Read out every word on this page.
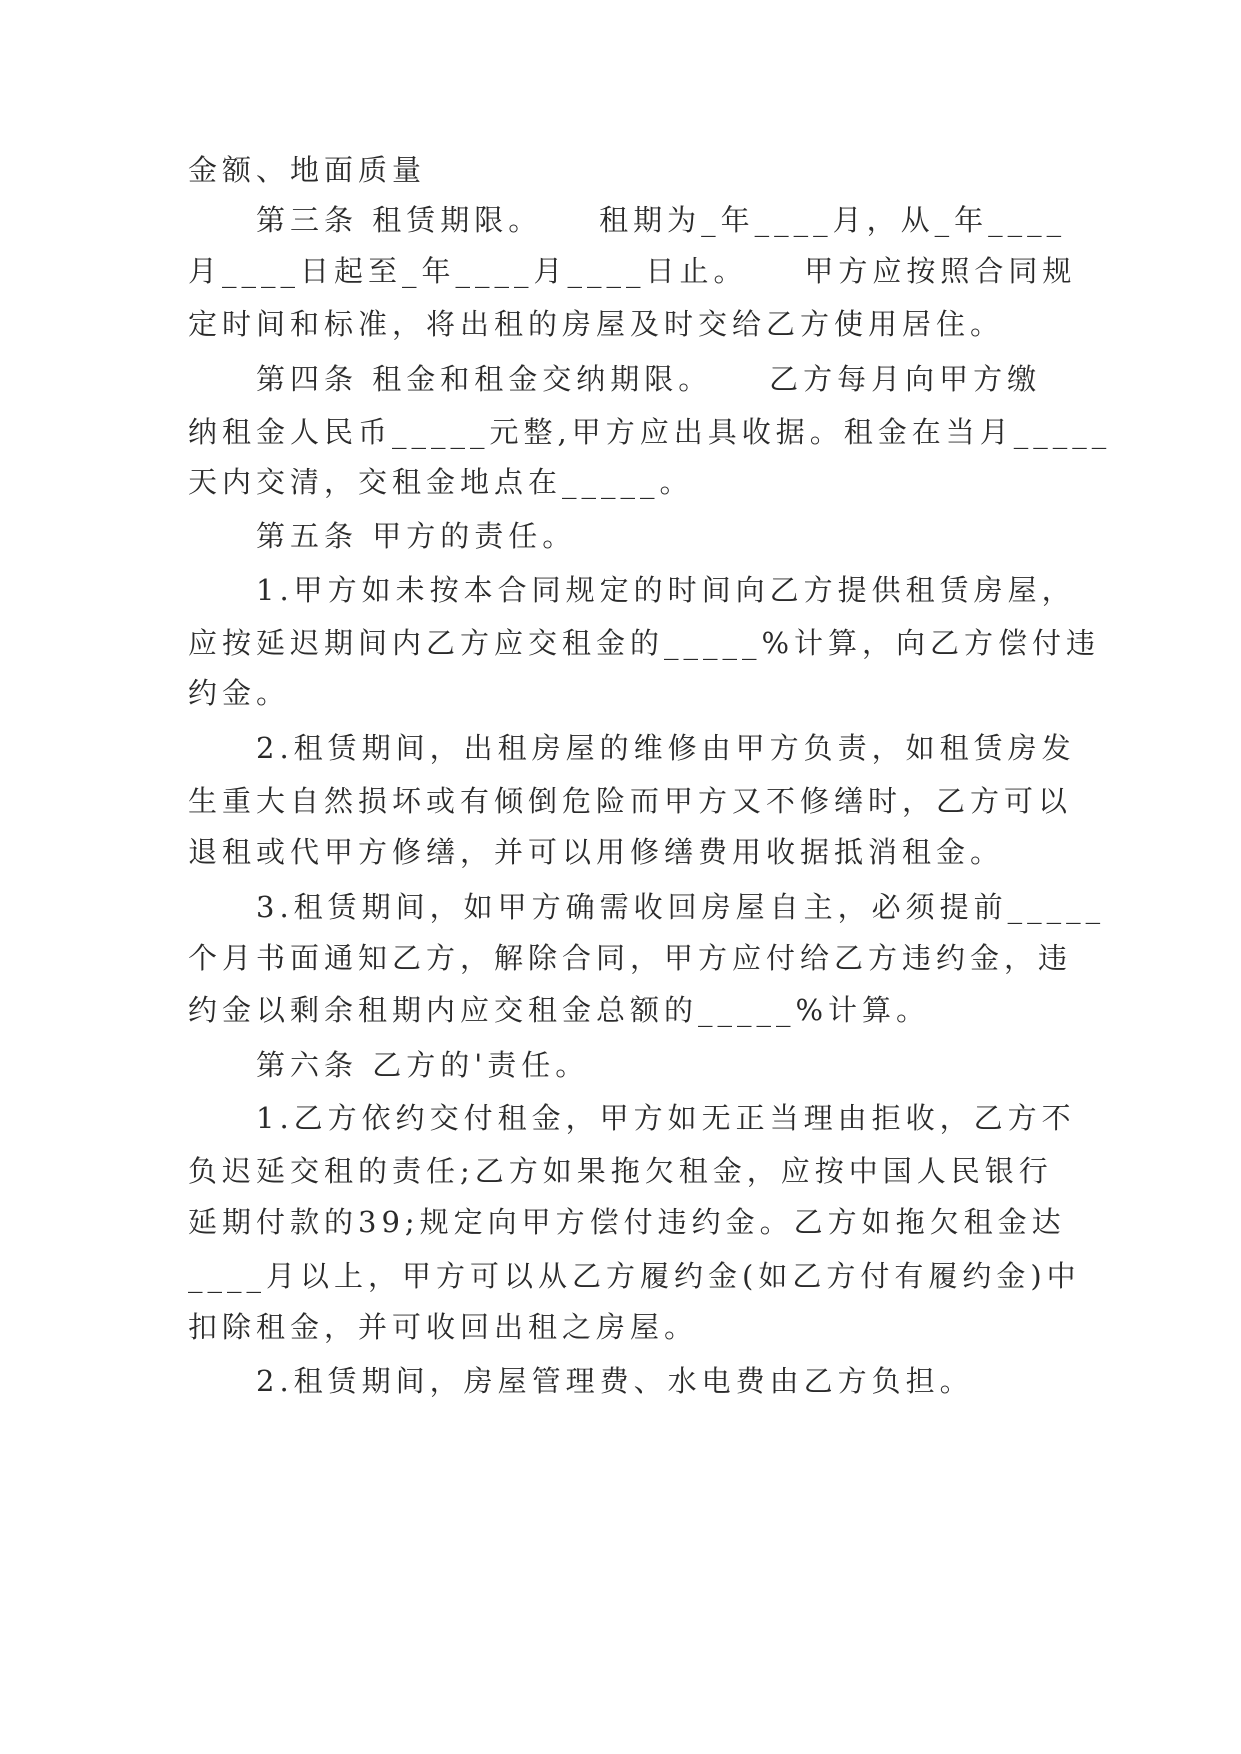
金额、地面质量
第三条 租赁期限。    租期为_年____月，从_年____
月____日起至_年____月____日止。    甲方应按照合同规
定时间和标准，将出租的房屋及时交给乙方使用居住。
第四条 租金和租金交纳期限。    乙方每月向甲方缴
纳租金人民币_____元整,甲方应出具收据。租金在当月_____
天内交清，交租金地点在_____。
第五条 甲方的责任。
1.甲方如未按本合同规定的时间向乙方提供租赁房屋，
应按延迟期间内乙方应交租金的_____%计算，向乙方偿付违
约金。
2.租赁期间，出租房屋的维修由甲方负责，如租赁房发
生重大自然损坏或有倾倒危险而甲方又不修缮时，乙方可以
退租或代甲方修缮，并可以用修缮费用收据抵消租金。
3.租赁期间，如甲方确需收回房屋自主，必须提前_____
个月书面通知乙方，解除合同，甲方应付给乙方违约金，违
约金以剩余租期内应交租金总额的_____%计算。
第六条 乙方的'责任。
1.乙方依约交付租金，甲方如无正当理由拒收，乙方不
负迟延交租的责任;乙方如果拖欠租金，应按中国人民银行
延期付款的39;规定向甲方偿付违约金。乙方如拖欠租金达
____月以上，甲方可以从乙方履约金(如乙方付有履约金)中
扣除租金，并可收回出租之房屋。
2.租赁期间，房屋管理费、水电费由乙方负担。
